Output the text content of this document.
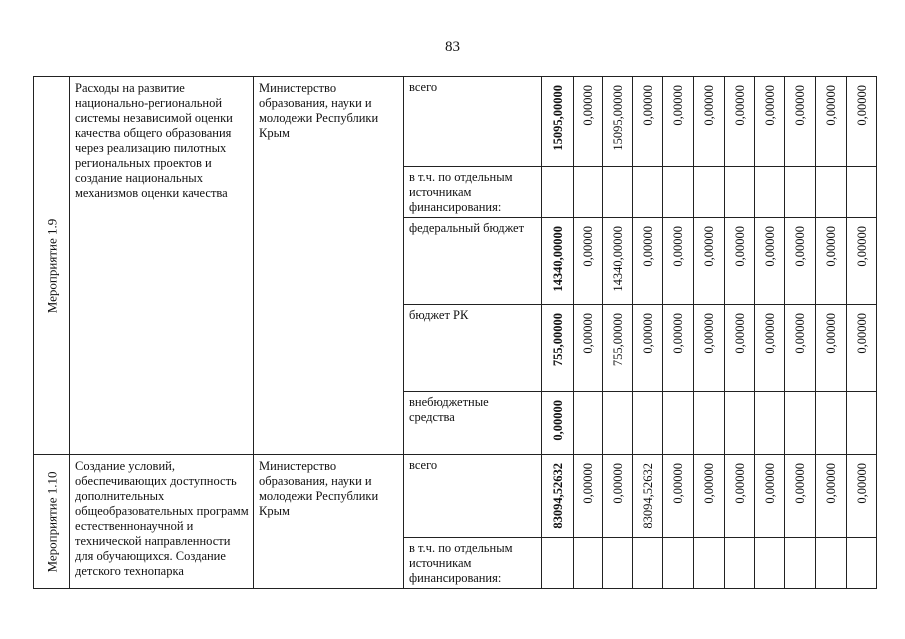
83
Мероприятие 1.9	Расходы на развитие национально-региональной системы независимой оценки качества общего образования через реализацию пилотных региональных проектов и создание национальных механизмов оценки качества	Министерство образования, науки и молодежи Республики Крым	всего	15095,00000	0,00000	15095,00000	0,00000	0,00000	0,00000	0,00000	0,00000	0,00000	0,00000	0,00000

			в т.ч. по отдельным источникам финансирования:											
			федеральный бюджет	14340,00000	0,00000	14340,00000	0,00000	0,00000	0,00000	0,00000	0,00000	0,00000	0,00000	0,00000

			бюджет РК	755,00000	0,00000	755,00000	0,00000	0,00000	0,00000	0,00000	0,00000	0,00000	0,00000	0,00000

			внебюджетные средства	0,00000										

Мероприятие 1.10	Создание условий, обеспечивающих доступность дополнительных общеобразовательных программ естественнонаучной и технической направленности для обучающихся. Создание детского технопарка	Министерство образования, науки и молодежи Республики Крым	всего	83094,52632	0,00000	0,00000	83094,52632	0,00000	0,00000	0,00000	0,00000	0,00000	0,00000	0,00000

			в т.ч. по отдельным источникам финансирования:											
